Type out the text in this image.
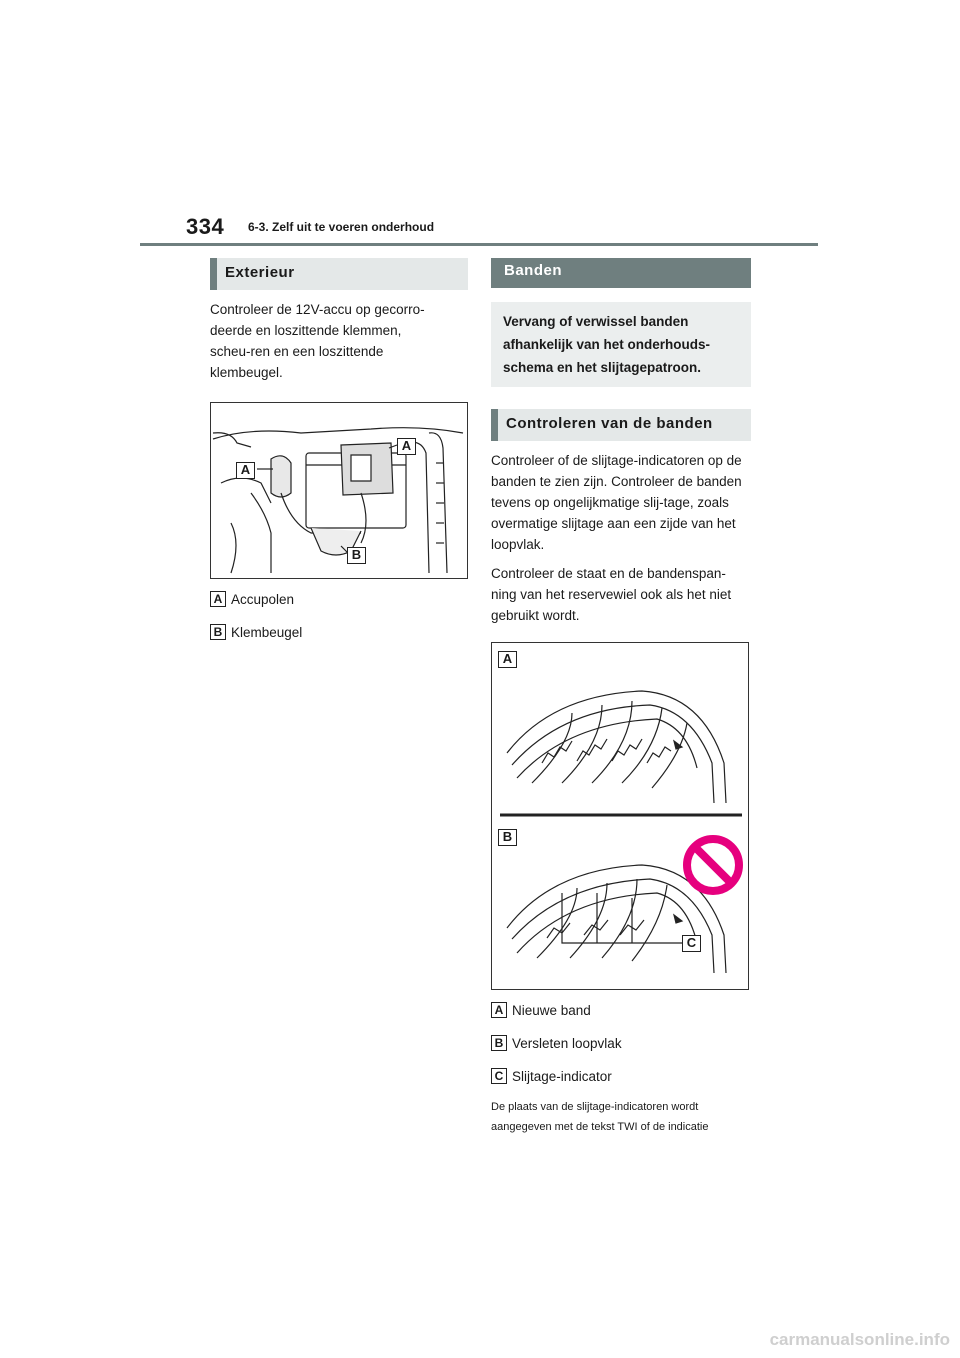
334 6-3. Zelf uit te voeren onderhoud
Exterieur

Controleer de 12V-accu op gecorro-deerde en loszittende klemmen, scheu-ren en een loszittende klembeugel.

A
A
B
A Accupolen
B Klembeugel
Banden
Vervang of verwissel banden afhankelijk van het onderhouds-schema en het slijtagepatroon.
Controleren van de banden

Controleer of de slijtage-indicatoren op de banden te zien zijn. Controleer de banden tevens op ongelijkmatige slij-tage, zoals overmatige slijtage aan een zijde van het loopvlak.

Controleer de staat en de bandenspan-ning van het reservewiel ook als het niet gebruikt wordt.

A
B
C
A Nieuwe band
B Versleten loopvlak
C Slijtage-indicator

De plaats van de slijtage-indicatoren wordt aangegeven met de tekst TWI of de indicatie

carmanualsonline.info
